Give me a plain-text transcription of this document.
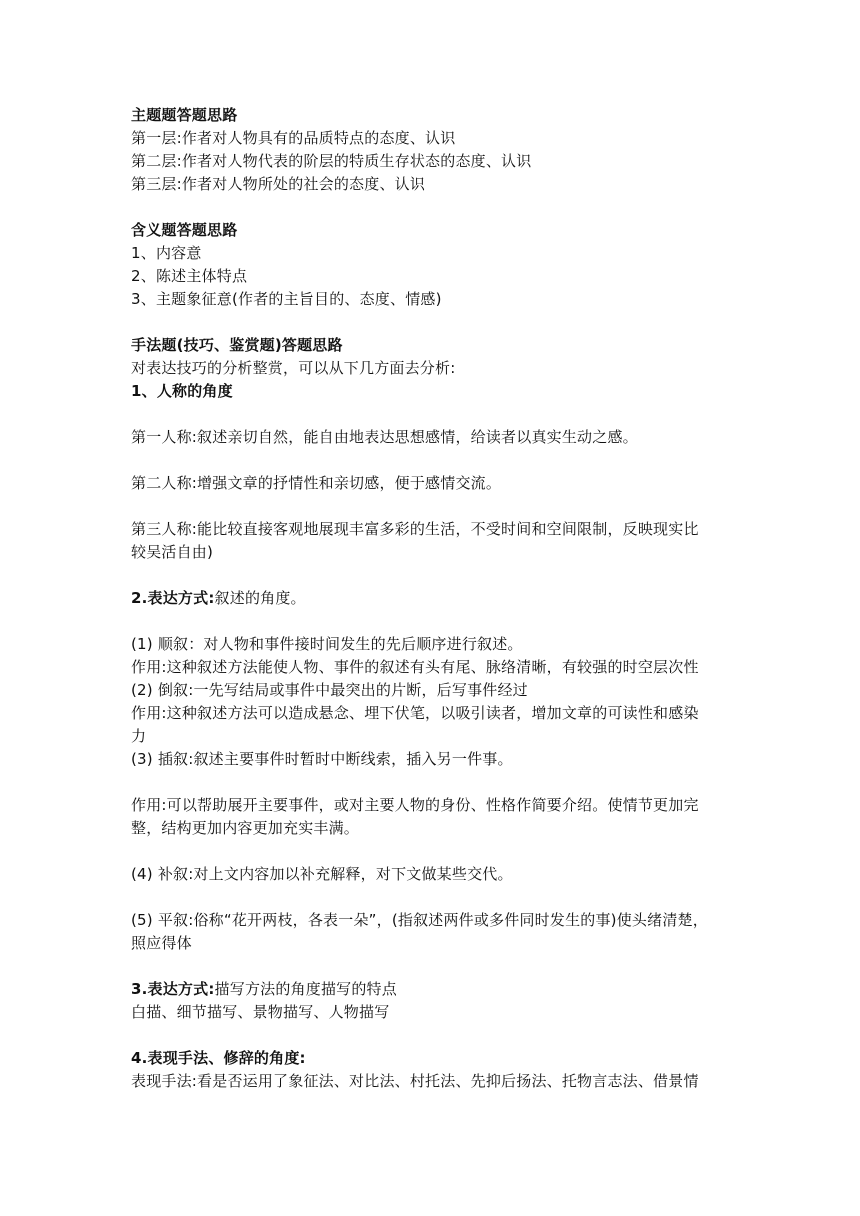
主题题答题思路
第一层:作者对人物具有的品质特点的态度、认识
第二层:作者对人物代表的阶层的特质生存状态的态度、认识
第三层:作者对人物所处的社会的态度、认识
含义题答题思路
1、内容意
2、陈述主体特点
3、主题象征意(作者的主旨目的、态度、情感)
手法题(技巧、鉴赏题)答题思路
对表达技巧的分析整赏，可以从下几方面去分析:
1、人称的角度
第一人称:叙述亲切自然，能自由地表达思想感情，给读者以真实生动之感。
第二人称:增强文章的抒情性和亲切感，便于感情交流。
第三人称:能比较直接客观地展现丰富多彩的生活，不受时间和空间限制，反映现实比
较吴活自由)
2.表达方式:叙述的角度。
(1) 顺叙：对人物和事件接时间发生的先后顺序进行叙述。
作用:这种叙述方法能使人物、事件的叙述有头有尾、脉络清晰，有较强的时空层次性
(2) 倒叙:一先写结局或事件中最突出的片断，后写事件经过
作用:这种叙述方法可以造成悬念、埋下伏笔，以吸引读者，增加文章的可读性和感染
力
(3) 插叙:叙述主要事件时暂时中断线索，插入另一件事。
作用:可以帮助展开主要事件，或对主要人物的身份、性格作简要介绍。使情节更加完
整，结构更加内容更加充实丰满。
(4) 补叙:对上文内容加以补充解释，对下文做某些交代。
(5) 平叙:俗称“花开两枝，各表一朵”，(指叙述两件或多件同时发生的事)使头绪清楚，
照应得体
3.表达方式:描写方法的角度描写的特点
白描、细节描写、景物描写、人物描写
4.表现手法、修辞的角度:
表现手法:看是否运用了象征法、对比法、村托法、先抑后扬法、托物言志法、借景情
